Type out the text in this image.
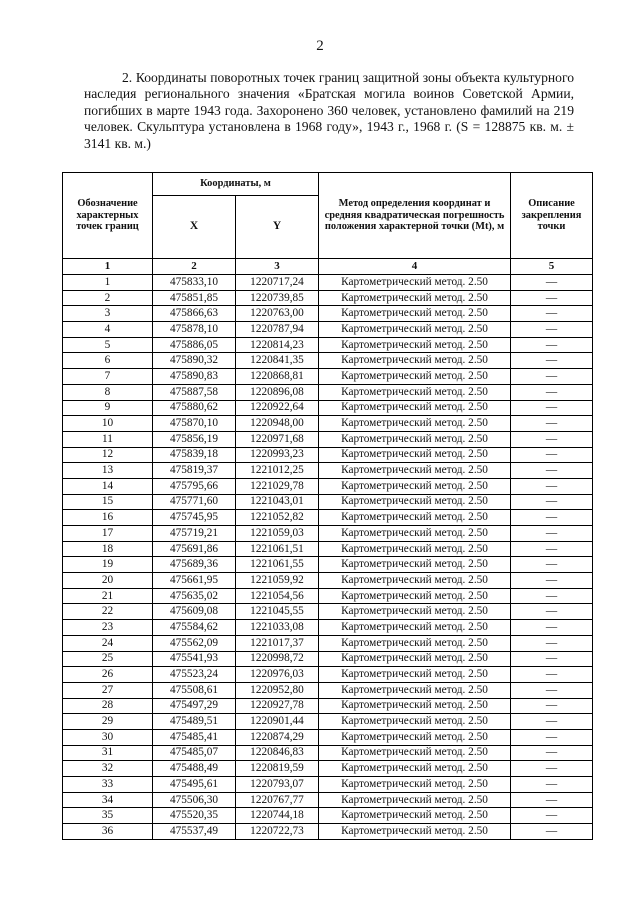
2

2. Координаты поворотных точек границ защитной зоны объекта культурного наследия регионального значения «Братская могила воинов Советской Армии, погибших в марте 1943 года. Захоронено 360 человек, установлено фамилий на 219 человек. Скульптура установлена в 1968 году», 1943 г., 1968 г. (S = 128875 кв. м. ± 3141 кв. м.)

Обозначение характерных точек границ	Координаты, м		Метод определения координат и средняя квадратическая погрешность положения характерной точки (Mt), м	Описание закрепления точки
	X	Y		
1	2	3	4	5
1	475833,10	1220717,24	Картометрический метод. 2.50	—
2	475851,85	1220739,85	Картометрический метод. 2.50	—
3	475866,63	1220763,00	Картометрический метод. 2.50	—
4	475878,10	1220787,94	Картометрический метод. 2.50	—
5	475886,05	1220814,23	Картометрический метод. 2.50	—
6	475890,32	1220841,35	Картометрический метод. 2.50	—
7	475890,83	1220868,81	Картометрический метод. 2.50	—
8	475887,58	1220896,08	Картометрический метод. 2.50	—
9	475880,62	1220922,64	Картометрический метод. 2.50	—
10	475870,10	1220948,00	Картометрический метод. 2.50	—
11	475856,19	1220971,68	Картометрический метод. 2.50	—
12	475839,18	1220993,23	Картометрический метод. 2.50	—
13	475819,37	1221012,25	Картометрический метод. 2.50	—
14	475795,66	1221029,78	Картометрический метод. 2.50	—
15	475771,60	1221043,01	Картометрический метод. 2.50	—
16	475745,95	1221052,82	Картометрический метод. 2.50	—
17	475719,21	1221059,03	Картометрический метод. 2.50	—
18	475691,86	1221061,51	Картометрический метод. 2.50	—
19	475689,36	1221061,55	Картометрический метод. 2.50	—
20	475661,95	1221059,92	Картометрический метод. 2.50	—
21	475635,02	1221054,56	Картометрический метод. 2.50	—
22	475609,08	1221045,55	Картометрический метод. 2.50	—
23	475584,62	1221033,08	Картометрический метод. 2.50	—
24	475562,09	1221017,37	Картометрический метод. 2.50	—
25	475541,93	1220998,72	Картометрический метод. 2.50	—
26	475523,24	1220976,03	Картометрический метод. 2.50	—
27	475508,61	1220952,80	Картометрический метод. 2.50	—
28	475497,29	1220927,78	Картометрический метод. 2.50	—
29	475489,51	1220901,44	Картометрический метод. 2.50	—
30	475485,41	1220874,29	Картометрический метод. 2.50	—
31	475485,07	1220846,83	Картометрический метод. 2.50	—
32	475488,49	1220819,59	Картометрический метод. 2.50	—
33	475495,61	1220793,07	Картометрический метод. 2.50	—
34	475506,30	1220767,77	Картометрический метод. 2.50	—
35	475520,35	1220744,18	Картометрический метод. 2.50	—
36	475537,49	1220722,73	Картометрический метод. 2.50	—
